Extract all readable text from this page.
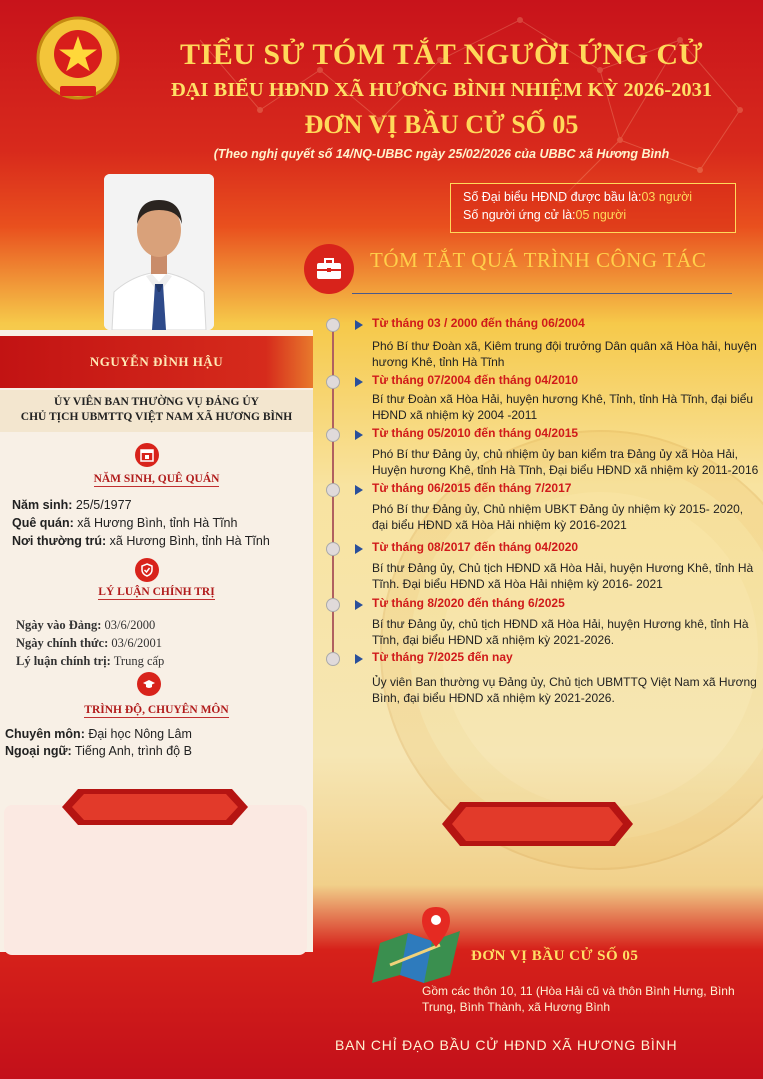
TIỂU SỬ TÓM TẮT NGƯỜI ỨNG CỬ
ĐẠI BIỂU HĐND XÃ HƯƠNG BÌNH NHIỆM KỲ 2026-2031
ĐƠN VỊ BẦU CỬ SỐ 05
(Theo nghị quyết số 14/NQ-UBBC ngày 25/02/2026 của UBBC xã Hương Bình
NGUYỄN ĐÌNH HẬU
ỦY VIÊN BAN THƯỜNG VỤ ĐẢNG ỦY
CHỦ TỊCH UBMTTQ VIỆT NAM XÃ HƯƠNG BÌNH
NĂM SINH, QUÊ QUÁN
Năm sinh: 25/5/1977
Quê quán: xã Hương Bình, tỉnh Hà Tĩnh
Nơi thường trú: xã Hương Bình, tỉnh Hà Tĩnh
LÝ LUẬN CHÍNH TRỊ
Ngày vào Đảng: 03/6/2000
Ngày chính thức: 03/6/2001
Lý luận chính trị: Trung cấp
TRÌNH ĐỘ, CHUYÊN MÔN
Chuyên môn: Đại học Nông Lâm
Ngoại ngữ: Tiếng Anh, trình độ B
Số Đại biểu HĐND được bầu là:03 người
Số người ứng cử là:05 người
TÓM TẮT QUÁ TRÌNH CÔNG TÁC
Từ tháng 03 / 2000 đến tháng 06/2004
Phó Bí thư Đoàn xã, Kiêm trung đội trưởng Dân quân xã Hòa hải, huyện hương Khê, tỉnh Hà Tĩnh
Từ tháng 07/2004 đến tháng 04/2010
Bí thư Đoàn xã Hòa Hải, huyện hương Khê, Tỉnh, tỉnh Hà Tĩnh, đại biểu HĐND xã nhiệm kỳ 2004 -2011
Từ tháng 05/2010 đến tháng 04/2015
Phó Bí thư Đảng ủy, chủ nhiệm ủy ban kiểm tra Đảng ủy xã Hòa Hải, Huyện hương Khê, tỉnh Hà Tĩnh, Đại biểu HĐND xã nhiệm kỳ 2011-2016
Từ tháng 06/2015 đến tháng 7/2017
Phó Bí thư Đảng ủy, Chủ nhiệm UBKT Đảng ủy nhiệm kỳ 2015- 2020, đại biểu HĐND xã Hòa Hải nhiệm kỳ 2016-2021
Từ tháng 08/2017 đến tháng 04/2020
Bí thư Đảng ủy, Chủ tịch HĐND xã Hòa Hải, huyện Hương Khê, tỉnh Hà Tĩnh. Đại biểu HĐND xã Hòa Hải nhiệm kỳ 2016- 2021
Từ tháng 8/2020 đến tháng 6/2025
Bí thư Đảng ủy, chủ tịch HĐND xã Hòa Hải, huyện Hương khê, tỉnh Hà Tĩnh, đại biểu HĐND xã nhiệm kỳ 2021-2026.
Từ tháng 7/2025 đến nay
Ủy viên Ban thường vụ Đảng ủy, Chủ tịch UBMTTQ Việt Nam xã Hương Bình, đại biểu HĐND xã nhiệm kỳ 2021-2026.
ĐƠN VỊ BẦU CỬ SỐ 05
Gồm các thôn 10, 11 (Hòa Hải cũ và thôn Bình Hưng, Bình Trung, Bình Thành, xã Hương Bình
BAN CHỈ ĐẠO BẦU CỬ HĐND XÃ HƯƠNG BÌNH
